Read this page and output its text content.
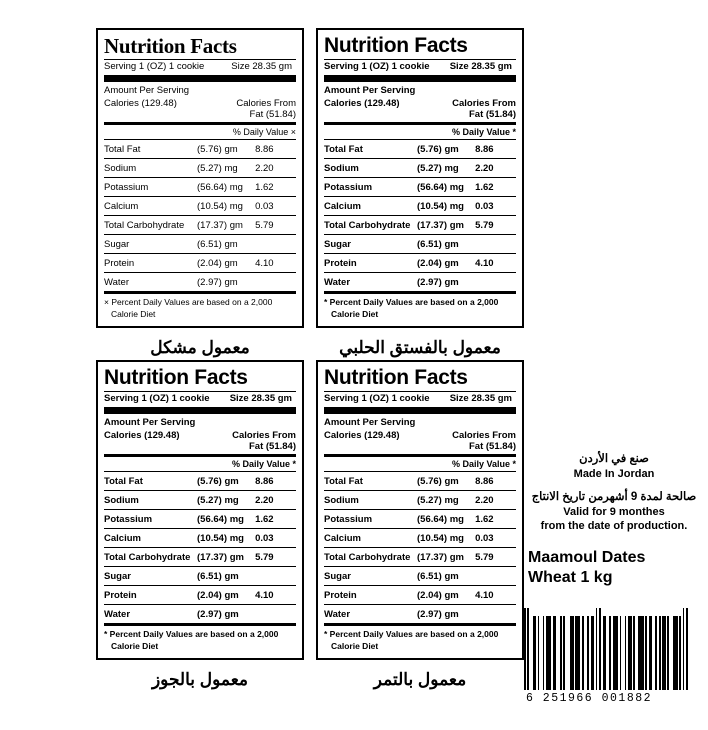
Nutrition Facts
Serving 1 (OZ) 1 cookie	Size 28.35 gm
Amount Per Serving
Calories (129.48)	Calories From
Fat (51.84)
% Daily Value ×
Total Fat	(5.76) gm	8.86
Sodium	(5.27) mg	2.20
Potassium	(56.64) mg	1.62
Calcium	(10.54) mg	0.03
Total Carbohydrate	(17.37) gm	5.79
Sugar	(6.51) gm
Protein	(2.04) gm	4.10
Water	(2.97) gm
× Percent Daily Values are based on a 2,000
Calorie Diet
معمول مشكل
Nutrition Facts
Serving 1 (OZ) 1 cookie Size 28.35 gm
Amount Per Serving
Calories (129.48)	Calories From
Fat (51.84)
% Daily Value *
Total Fat	(5.76) gm	8.86
Sodium	(5.27) mg	2.20
Potassium	(56.64) mg	1.62
Calcium	(10.54) mg	0.03
Total Carbohydrate (17.37) gm	5.79
Sugar	(6.51) gm
Protein	(2.04) gm	4.10
Water	(2.97) gm
* Percent Daily Values are based on a 2,000
Calorie Diet
معمول بالفستق الحلبي
Nutrition Facts
Serving 1 (OZ) 1 cookie Size 28.35 gm
Amount Per Serving
Calories (129.48)	Calories From
Fat (51.84)
% Daily Value *
Total Fat	(5.76) gm	8.86
Sodium	(5.27) mg	2.20
Potassium	(56.64) mg	1.62
Calcium	(10.54) mg	0.03
Total Carbohydrate (17.37) gm	5.79
Sugar	(6.51) gm
Protein	(2.04) gm	4.10
Water	(2.97) gm
* Percent Daily Values are based on a 2,000
Calorie Diet
معمول بالجوز
Nutrition Facts
Serving 1 (OZ) 1 cookie Size 28.35 gm
Amount Per Serving
Calories (129.48)	Calories From
Fat (51.84)
% Daily Value *
Total Fat	(5.76) gm	8.86
Sodium	(5.27) mg	2.20
Potassium	(56.64) mg	1.62
Calcium	(10.54) mg	0.03
Total Carbohydrate (17.37) gm	5.79
Sugar	(6.51) gm
Protein	(2.04) gm	4.10
Water	(2.97) gm
* Percent Daily Values are based on a 2,000
Calorie Diet
معمول بالتمر
صنع في الأردن
Made In Jordan
صالحة لمدة 9 أشهرمن تاريخ الانتاج
Valid for 9 monthes
from the date of production.
Maamoul Dates
Wheat 1 kg
6 251966 001882
